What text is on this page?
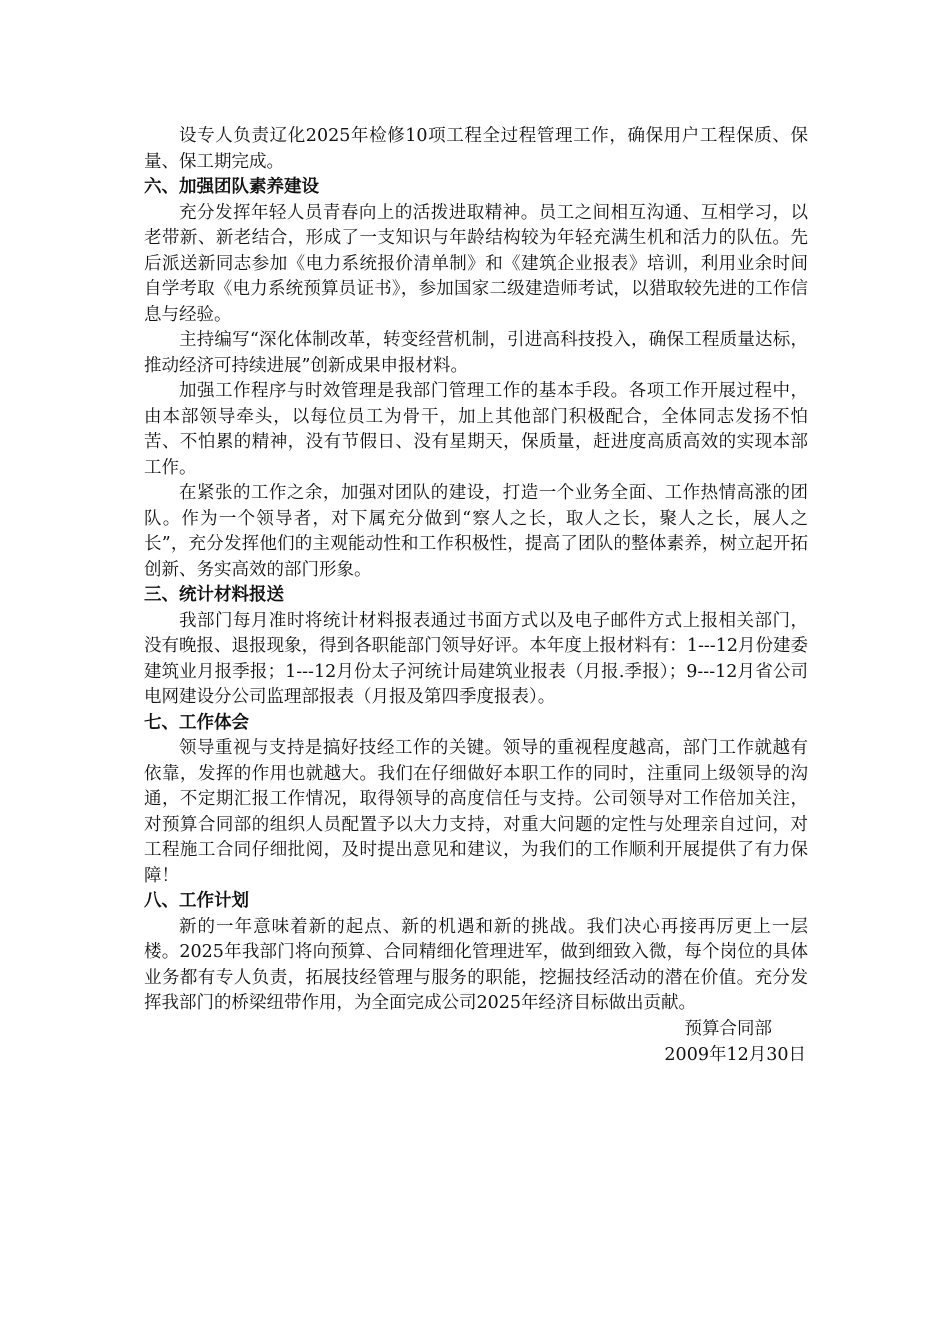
设专人负责辽化2025年检修10项工程全过程管理工作，确保用户工程保质、保量、保工期完成。

六、加强团队素养建设

充分发挥年轻人员青春向上的活拨进取精神。员工之间相互沟通、互相学习，以老带新、新老结合，形成了一支知识与年龄结构较为年轻充满生机和活力的队伍。先后派送新同志参加《电力系统报价清单制》和《建筑企业报表》培训，利用业余时间自学考取《电力系统预算员证书》，参加国家二级建造师考试，以猎取较先进的工作信息与经验。

主持编写“深化体制改革，转变经营机制，引进高科技投入，确保工程质量达标，推动经济可持续进展”创新成果申报材料。

加强工作程序与时效管理是我部门管理工作的基本手段。各项工作开展过程中，由本部领导牵头，以每位员工为骨干，加上其他部门积极配合，全体同志发扬不怕苦、不怕累的精神，没有节假日、没有星期天，保质量，赶进度高质高效的实现本部工作。

在紧张的工作之余，加强对团队的建设，打造一个业务全面、工作热情高涨的团队。作为一个领导者，对下属充分做到“察人之长，取人之长，聚人之长，展人之长”，充分发挥他们的主观能动性和工作积极性，提高了团队的整体素养，树立起开拓创新、务实高效的部门形象。

三、统计材料报送

我部门每月准时将统计材料报表通过书面方式以及电子邮件方式上报相关部门，没有晚报、退报现象，得到各职能部门领导好评。本年度上报材料有：1---12月份建委建筑业月报季报；1---12月份太子河统计局建筑业报表（月报.季报）；9---12月省公司电网建设分公司监理部报表（月报及第四季度报表）。

七、工作体会

领导重视与支持是搞好技经工作的关键。领导的重视程度越高，部门工作就越有依靠，发挥的作用也就越大。我们在仔细做好本职工作的同时，注重同上级领导的沟通，不定期汇报工作情况，取得领导的高度信任与支持。公司领导对工作倍加关注，对预算合同部的组织人员配置予以大力支持，对重大问题的定性与处理亲自过问，对工程施工合同仔细批阅，及时提出意见和建议，为我们的工作顺利开展提供了有力保障！

八、工作计划

新的一年意味着新的起点、新的机遇和新的挑战。我们决心再接再厉更上一层楼。2025年我部门将向预算、合同精细化管理进军，做到细致入微，每个岗位的具体业务都有专人负责，拓展技经管理与服务的职能，挖掘技经活动的潜在价值。充分发挥我部门的桥梁纽带作用，为全面完成公司2025年经济目标做出贡献。

预算合同部
2009年12月30日
